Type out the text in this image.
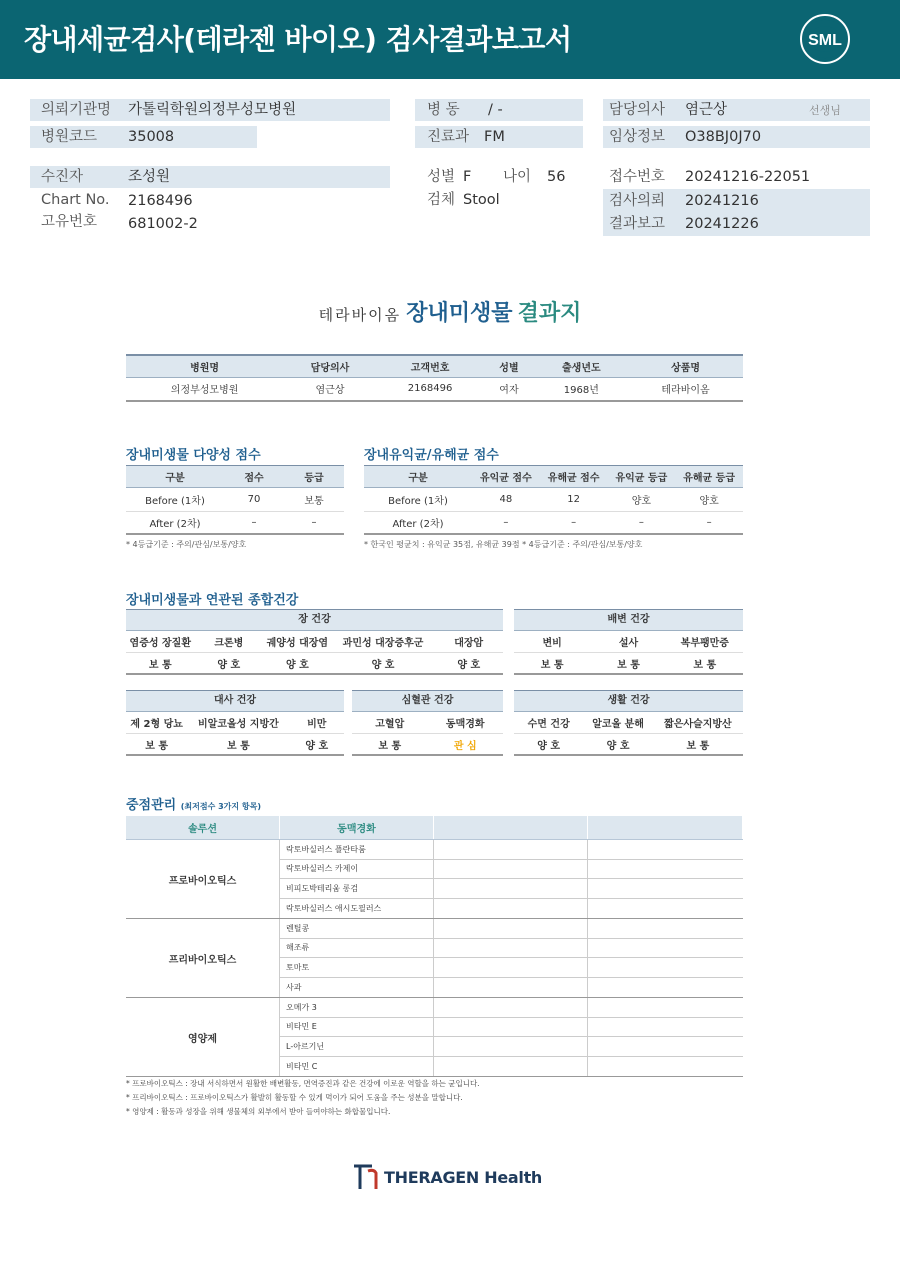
장내세균검사(테라젠 바이오) 검사결과보고서	SML
의뢰기관명 가톨릭학원의정부성모병원
병원코드 35008
병 동 / -
진료과 FM
담당의사 염근상	선생님
임상정보 O38BJ0J70
수진자	조성원
Chart No. 2168496
고유번호 681002-2
성별 F 나이 56
검체 Stool
접수번호 20241216-22051
검사의뢰 20241216
결과보고 20241226
테라바이옴 장내미생물 결과지
병원명	담당의사	고객번호	성별	출생년도	상품명
의정부성모병원	염근상	2168496	여자	1968년	테라바이옴
장내미생물 다양성 점수
구분	점수	등급
Before (1차)	70	보통
After (2차)	–	–
* 4등급기준 : 주의/관심/보통/양호
장내유익균/유해균 점수
구분	유익균 점수	유해균 점수	유익균 등급	유해균 등급
Before (1차)	48	12	양호	양호
After (2차)	–	–	–	–
* 한국인 평균치 : 유익균 35점, 유해균 39점 * 4등급기준 : 주의/관심/보통/양호
장내미생물과 연관된 종합건강
장 건강
염증성 장질환	크론병	궤양성 대장염	과민성 대장증후군	대장암
보 통	양 호	양 호	양 호	양 호
배변 건강
변비	설사	복부팽만증
보 통	보 통	보 통
대사 건강
제 2형 당뇨	비알코올성 지방간	비만
보 통	보 통	양 호
심혈관 건강
고혈압	동맥경화
보 통	관 심
생활 건강
수면 건강	알코올 분해	짧은사슬지방산
양 호	양 호	보 통
중점관리 (최저점수 3가지 항목)
솔루션	동맥경화
프로바이오틱스
락토바실러스 플란타룸
락토바실러스 카제이
비피도박테리움 롱검
락토바실러스 애시도필러스
프리바이오틱스
렌틸콩
해조류
토마토
사과
영양제
오메가 3
비타민 E
L-아르기닌
비타민 C
* 프로바이오틱스 : 장내 서식하면서 원활한 배변활동, 면역증진과 같은 건강에 이로운 역할을 하는 균입니다.
* 프리바이오틱스 : 프로바이오틱스가 활발히 활동할 수 있게 먹이가 되어 도움을 주는 성분을 말합니다.
* 영양제 : 활동과 성장을 위해 생물체의 외부에서 받아 들여야하는 화합물입니다.
THERAGEN Health
